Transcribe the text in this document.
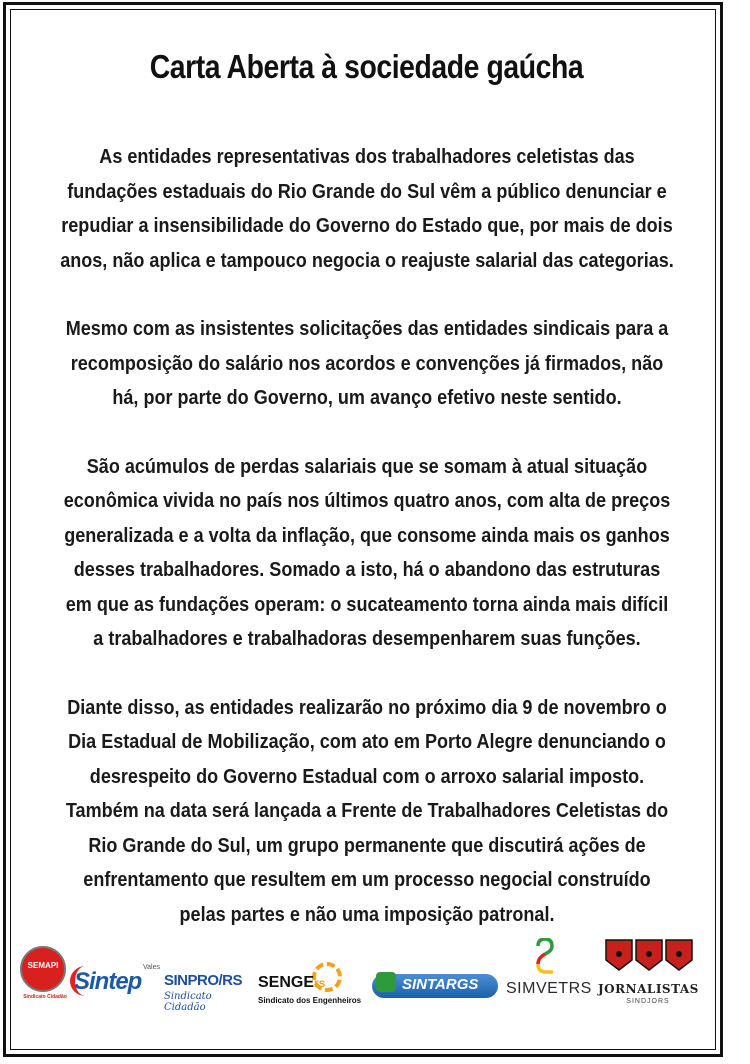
Carta Aberta à sociedade gaúcha

As entidades representativas dos trabalhadores celetistas das fundações estaduais do Rio Grande do Sul vêm a público denunciar e repudiar a insensibilidade do Governo do Estado que, por mais de dois anos, não aplica e tampouco negocia o reajuste salarial das categorias.

Mesmo com as insistentes solicitações das entidades sindicais para a recomposição do salário nos acordos e convenções já firmados, não há, por parte do Governo, um avanço efetivo neste sentido.

São acúmulos de perdas salariais que se somam à atual situação econômica vivida no país nos últimos quatro anos, com alta de preços generalizada e a volta da inflação, que consome ainda mais os ganhos desses trabalhadores. Somado a isto, há o abandono das estruturas em que as fundações operam: o sucateamento torna ainda mais difícil a trabalhadores e trabalhadoras desempenharem suas funções.

Diante disso, as entidades realizarão no próximo dia 9 de novembro o Dia Estadual de Mobilização, com ato em Porto Alegre denunciando o desrespeito do Governo Estadual com o arroxo salarial imposto. Também na data será lançada a Frente de Trabalhadores Celetistas do Rio Grande do Sul, um grupo permanente que discutirá ações de enfrentamento que resultem em um processo negocial construído pelas partes e não uma imposição patronal.

SEMAPI
Sindicato Cidadão
Sintep
Vales
SINPRO/RS
Sindicato Cidadão
SENGErs
Sindicato dos Engenheiros
SINTARGS SIMVETRS JORNALISTAS
SINDJORS
